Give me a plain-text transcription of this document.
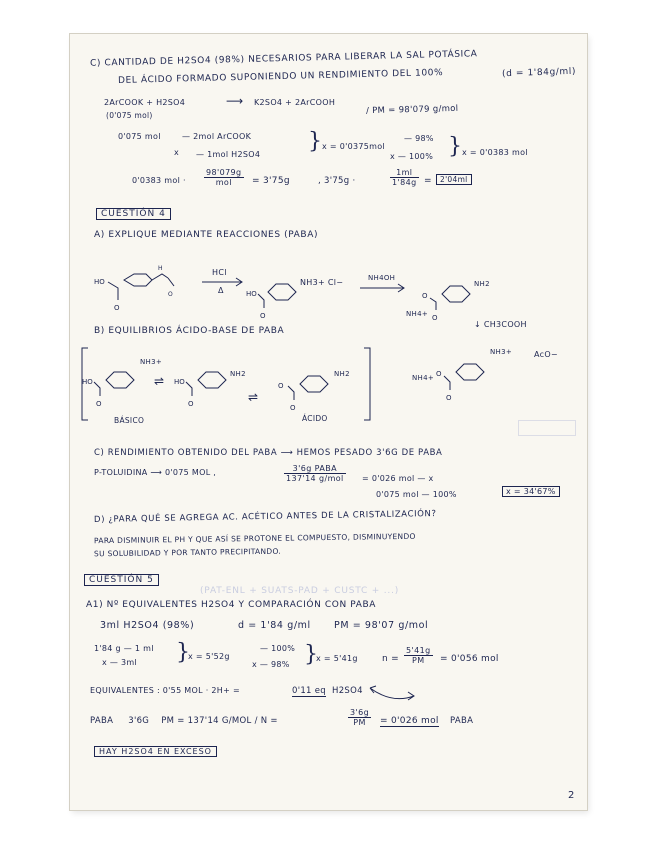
C) CANTIDAD DE H2SO4 (98%) NECESARIOS PARA LIBERAR LA SAL POTÁSICA
DEL ÁCIDO FORMADO SUPONIENDO UN RENDIMIENTO DEL 100%	(d = 1'84g/ml)
2ArCOOK + H2SO4	⟶ K2SO4 + 2ArCOOH
/ PM = 98'079 g/mol
(0'075 mol)
0'075 mol	— 2mol ArCOOK
x — 1mol H2SO4
} x = 0'0375mol
— 98%
x — 100% } x = 0'0383 mol
0'0383 mol ·
98'079g
mol	= 3'75g	, 3'75g ·	$\frac{1ml}{1'84g}$ =	2'04ml
CUESTIÓN 4
A) EXPLIQUE MEDIANTE REACCIONES (PABA)
HO
O
H
O
HCl
Δ	HO
O
NH3+ Cl−	NH4OH
O
O
NH2
NH4+
↓ CH3COOH
B) EQUILIBRIOS ÁCIDO-BASE DE PABA
HO
O
NH3+
⇌ HO
O
NH2
⇌
O
O
NH2
BÁSICO	ÁCIDO
O
O
NH4+
NH3+	AcO−
C) RENDIMIENTO OBTENIDO DEL PABA ⟶ HEMOS PESADO 3'6G DE PABA
P-TOLUIDINA ⟶ 0'075 MOL ,	3'6g PABA
137'14 g/mol = 0'026 mol — x
0'075 mol — 100%	x = 34'67%
D) ¿PARA QUÉ SE AGREGA AC. ACÉTICO ANTES DE LA CRISTALIZACIÓN?
PARA DISMINUIR EL PH Y QUE ASÍ SE PROTONE EL COMPUESTO, DISMINUYENDO
SU SOLUBILIDAD Y POR TANTO PRECIPITANDO.
(PAT-ENL + SUATS-PAD + CUSTC + ...)
CUESTIÓN 5
A1) Nº EQUIVALENTES H2SO4 Y COMPARACIÓN CON PABA
3ml H2SO4 (98%)	d = 1'84 g/ml PM = 98'07 g/mol
1'84 g — 1 ml
x — 3ml }
x = 5'52g
— 100%
x — 98% }
x = 5'41g	$n = \frac{5'41g}{PM} = 0'056$ mol
EQUIVALENTES : 0'55 MOL · 2H+ =	0'11 eq H2SO4
PABA     3'6G    PM = 137'14 G/MOL / N =	$\frac{3'6g}{PM} = 0'026$ mol PABA
HAY H2SO4 EN EXCESO
2
